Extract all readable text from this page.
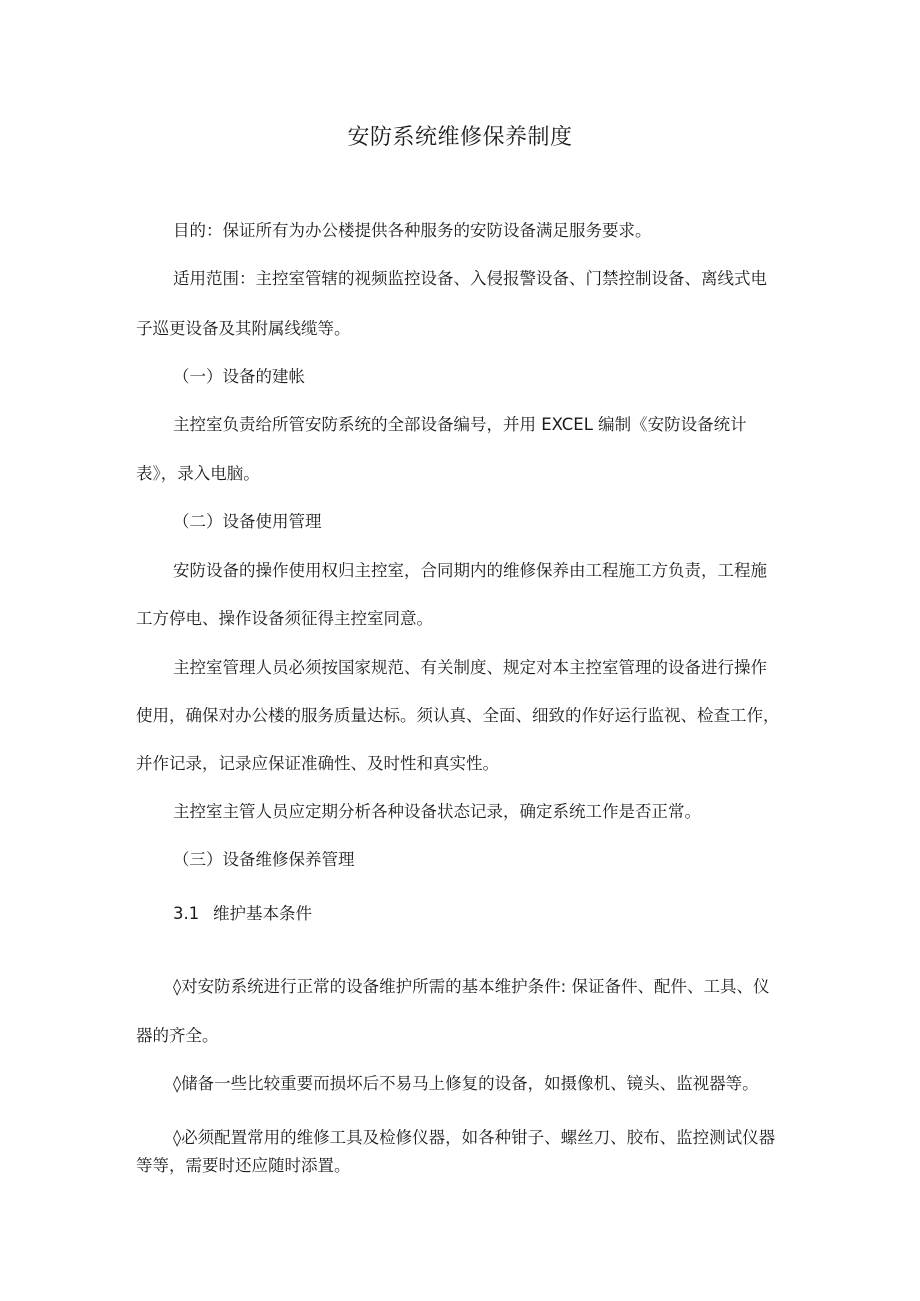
安防系统维修保养制度
目的：保证所有为办公楼提供各种服务的安防设备满足服务要求。
适用范围：主控室管辖的视频监控设备、入侵报警设备、门禁控制设备、离线式电
子巡更设备及其附属线缆等。
（一）设备的建帐
主控室负责给所管安防系统的全部设备编号，并用 EXCEL 编制《安防设备统计
表》，录入电脑。
（二）设备使用管理
安防设备的操作使用权归主控室，合同期内的维修保养由工程施工方负责，工程施
工方停电、操作设备须征得主控室同意。
主控室管理人员必须按国家规范、有关制度、规定对本主控室管理的设备进行操作
使用，确保对办公楼的服务质量达标。须认真、全面、细致的作好运行监视、检查工作，
并作记录，记录应保证准确性、及时性和真实性。
主控室主管人员应定期分析各种设备状态记录，确定系统工作是否正常。
（三）设备维修保养管理
3.1 维护基本条件
◊对安防系统进行正常的设备维护所需的基本维护条件: 保证备件、配件、工具、仪
器的齐全。
◊储备一些比较重要而损坏后不易马上修复的设备，如摄像机、镜头、监视器等。
◊必须配置常用的维修工具及检修仪器，如各种钳子、螺丝刀、胶布、监控测试仪器
等等，需要时还应随时添置。
